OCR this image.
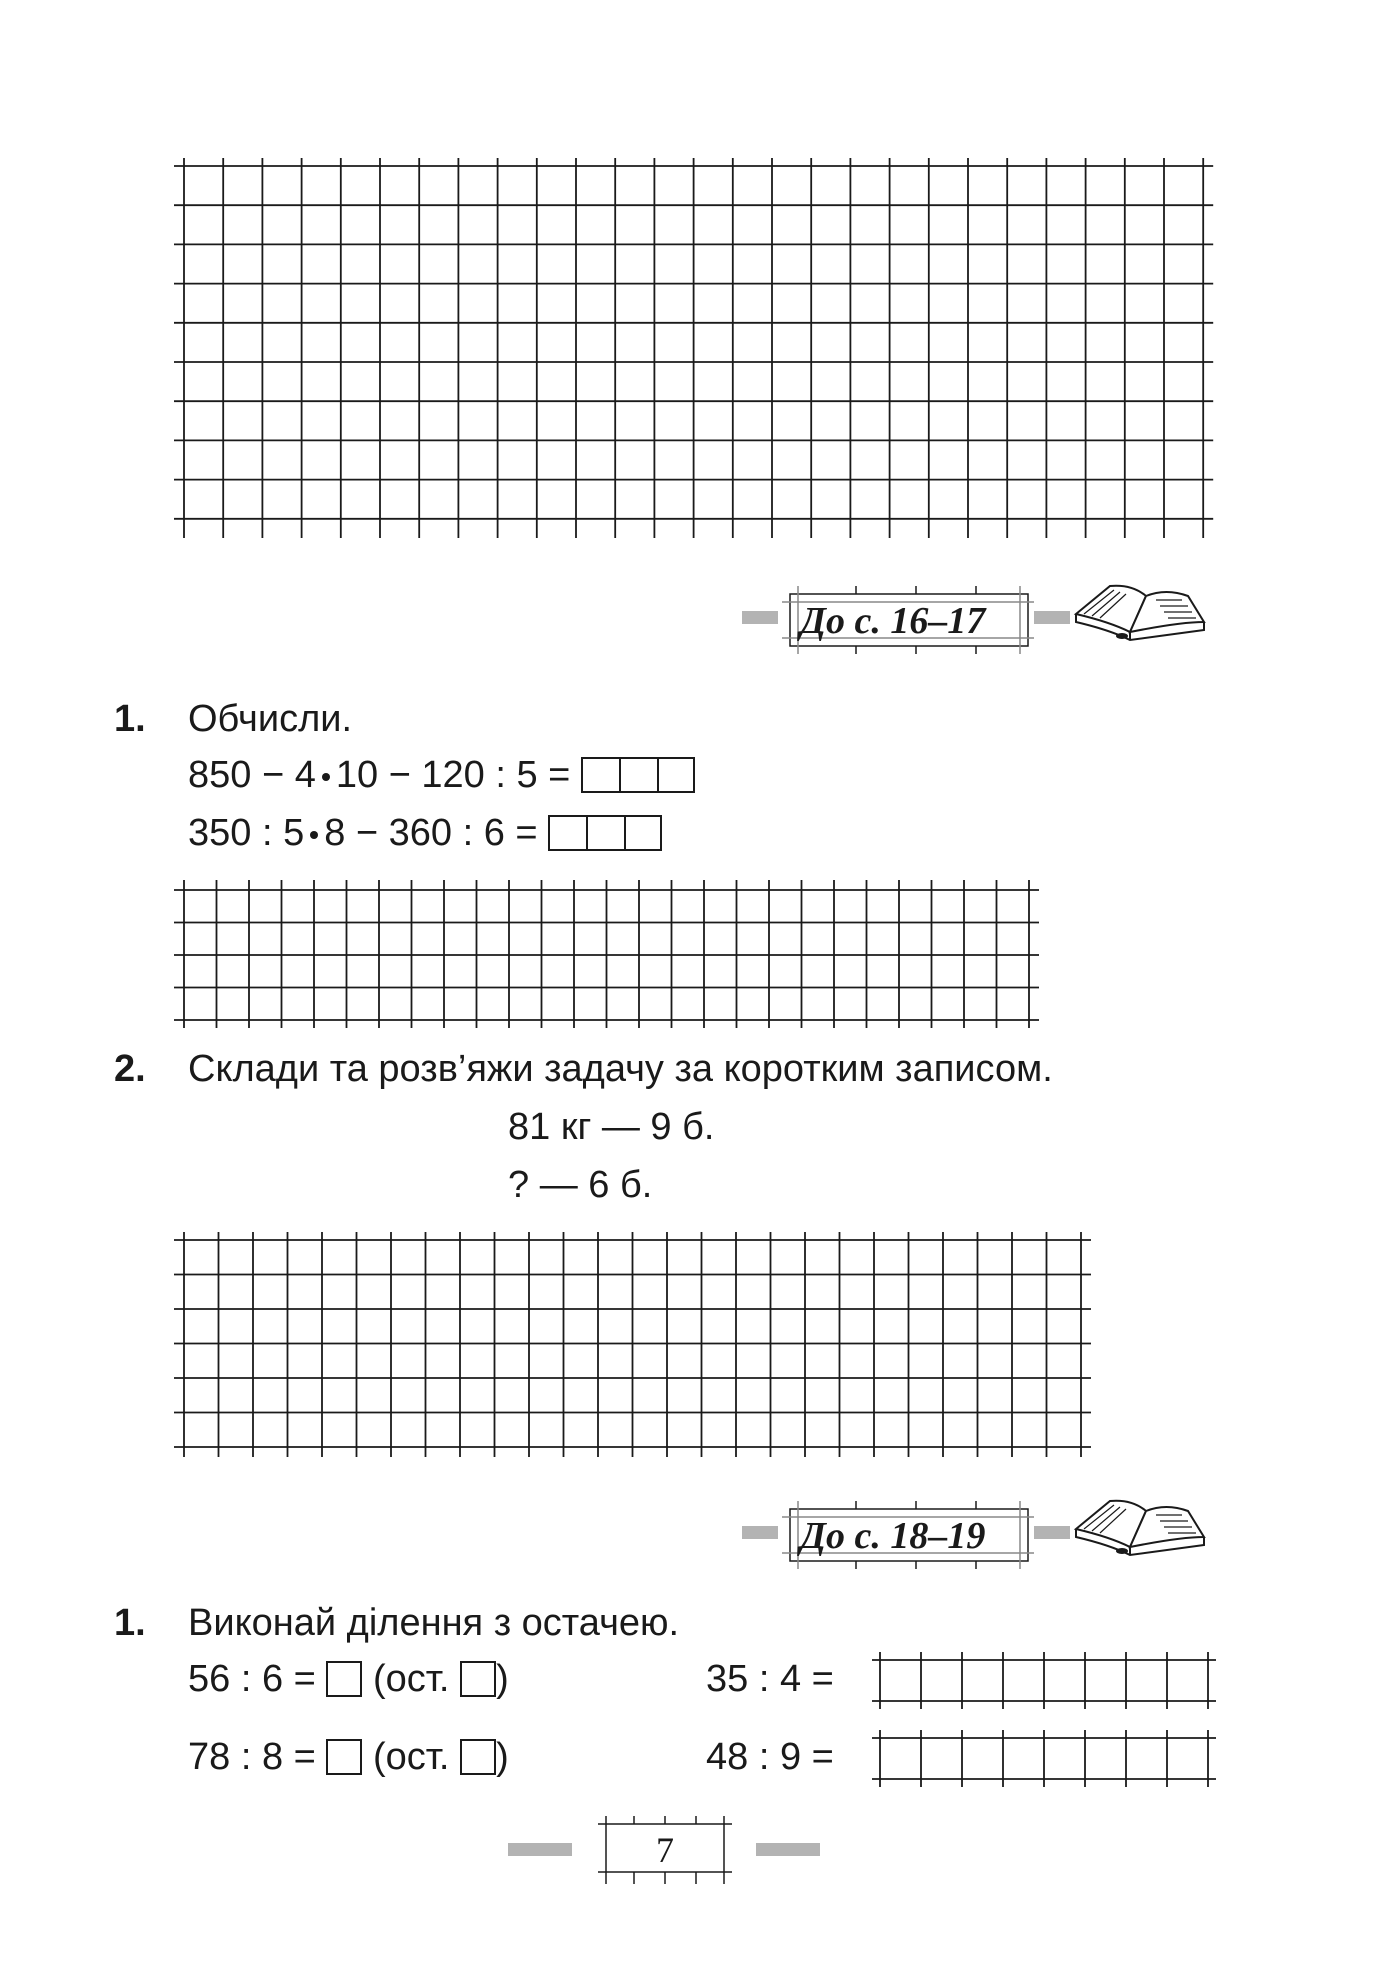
До с. 16–17
1. Обчисли.
850 − 4 10 − 120 : 5 =
350 : 5 8 − 360 : 6 =
2. Склади та розв’яжи задачу за коротким записом.
81 кг — 9 б.
? — 6 б.
До с. 18–19
1. Виконай ділення з остачею.
56 : 6 = (ост. )
78 : 8 = (ост. )
35 : 4 =
48 : 9 =
7
